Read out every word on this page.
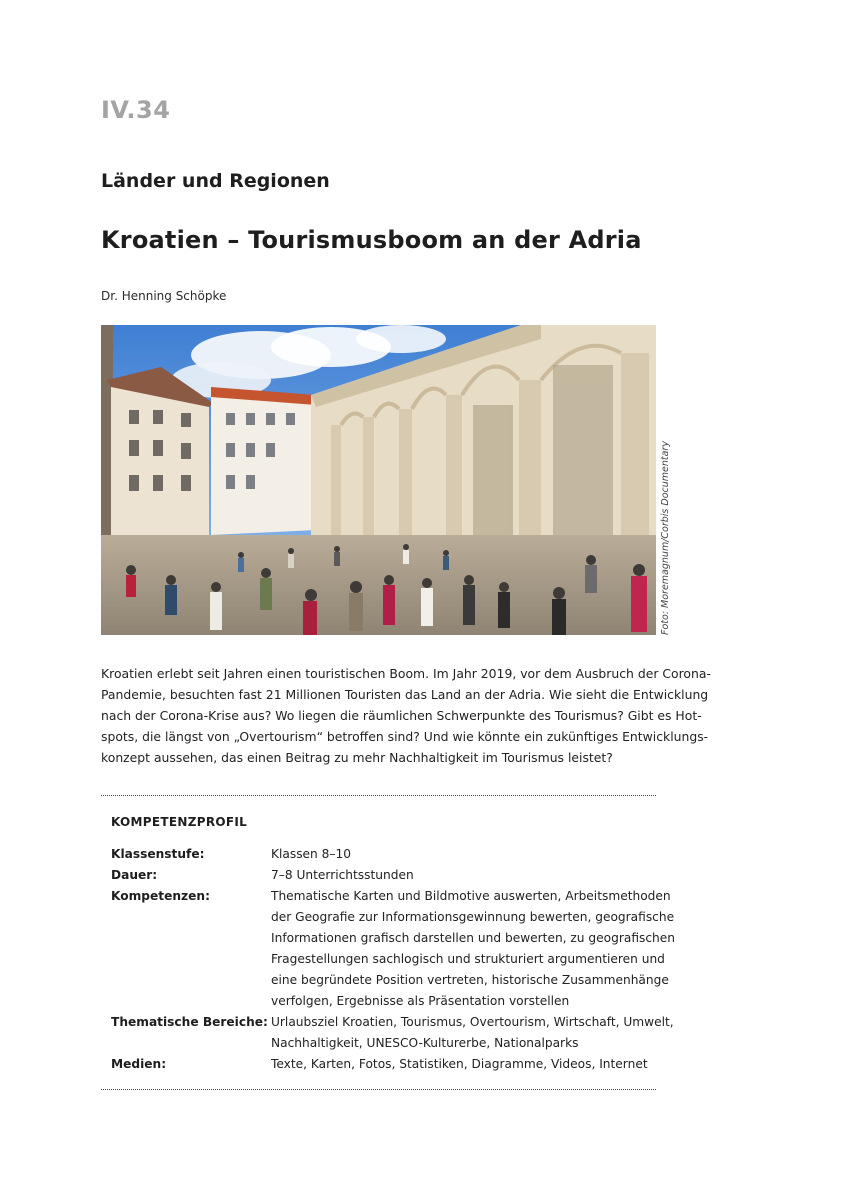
IV.34
Länder und Regionen
Kroatien – Tourismusboom an der Adria
Dr. Henning Schöpke
Foto: Moremagnum/Corbis Documentary
Kroatien erlebt seit Jahren einen touristischen Boom. Im Jahr 2019, vor dem Ausbruch der Corona-
Pandemie, besuchten fast 21 Millionen Touristen das Land an der Adria. Wie sieht die Entwicklung
nach der Corona-Krise aus? Wo liegen die räumlichen Schwerpunkte des Tourismus? Gibt es Hot-
spots, die längst von „Overtourism“ betroffen sind? Und wie könnte ein zukünftiges Entwicklungs-
konzept aussehen, das einen Beitrag zu mehr Nachhaltigkeit im Tourismus leistet?
KOMPETENZPROFIL
Klassenstufe:	Klassen 8–10
Dauer:	7–8 Unterrichtsstunden
Kompetenzen:	Thematische Karten und Bildmotive auswerten, Arbeitsmethoden
der Geografie zur Informationsgewinnung bewerten, geografische
Informationen grafisch darstellen und bewerten, zu geografischen
Fragestellungen sachlogisch und strukturiert argumentieren und
eine begründete Position vertreten, historische Zusammenhänge
verfolgen, Ergebnisse als Präsentation vorstellen
Thematische Bereiche: Urlaubsziel Kroatien, Tourismus, Overtourism, Wirtschaft, Umwelt,
Nachhaltigkeit, UNESCO-Kulturerbe, Nationalparks
Medien:	Texte, Karten, Fotos, Statistiken, Diagramme, Videos, Internet
